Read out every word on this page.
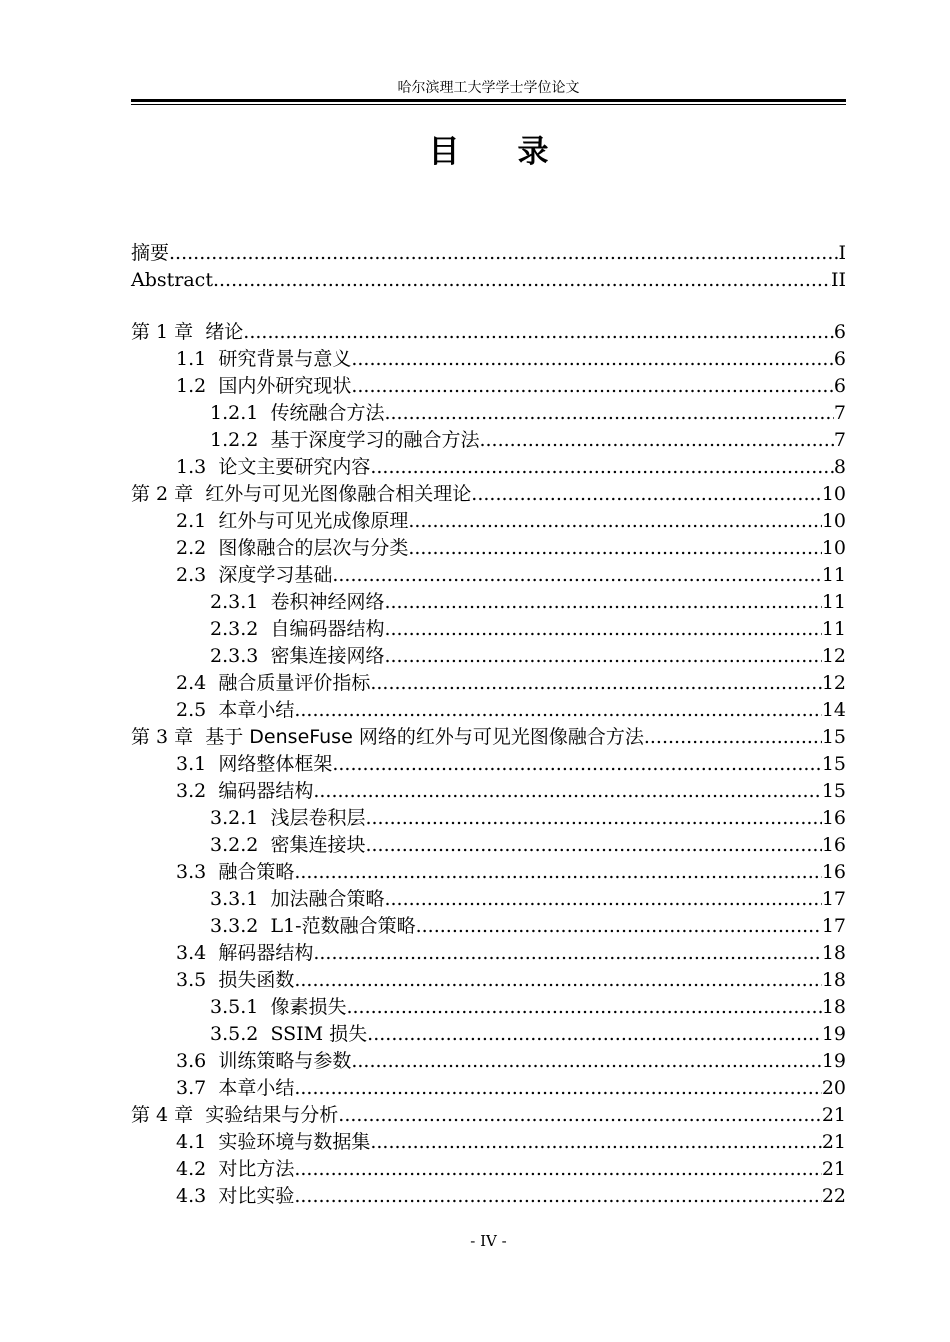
哈尔滨理工大学学士学位论文
目 录
摘要 .....	I
Abstract .....	II
第 1 章 绪论 .....	6
1.1 研究背景与意义 .....	6
1.2 国内外研究现状 .....	6
1.2.1 传统融合方法 .....	7
1.2.2 基于深度学习的融合方法 .....	7
1.3 论文主要研究内容 .....	8
第 2 章 红外与可见光图像融合相关理论 .....	10
2.1 红外与可见光成像原理 .....	10
2.2 图像融合的层次与分类 .....	10
2.3 深度学习基础 .....	11
2.3.1 卷积神经网络 .....	11
2.3.2 自编码器结构 .....	11
2.3.3 密集连接网络 .....	12
2.4 融合质量评价指标 .....	12
2.5 本章小结 .....	14
第 3 章 基于 DenseFuse 网络的红外与可见光图像融合方法 .....	15
3.1 网络整体框架 .....	15
3.2 编码器结构 .....	15
3.2.1 浅层卷积层 .....	16
3.2.2 密集连接块 .....	16
3.3 融合策略 .....	16
3.3.1 加法融合策略 .....	17
3.3.2 L1-范数融合策略 .....	17
3.4 解码器结构 .....	18
3.5 损失函数 .....	18
3.5.1 像素损失 .....	18
3.5.2 SSIM 损失 .....	19
3.6 训练策略与参数 .....	19
3.7 本章小结 .....	20
第 4 章 实验结果与分析 .....	21
4.1 实验环境与数据集 .....	21
4.2 对比方法 .....	21
4.3 对比实验 .....	22
- IV -
